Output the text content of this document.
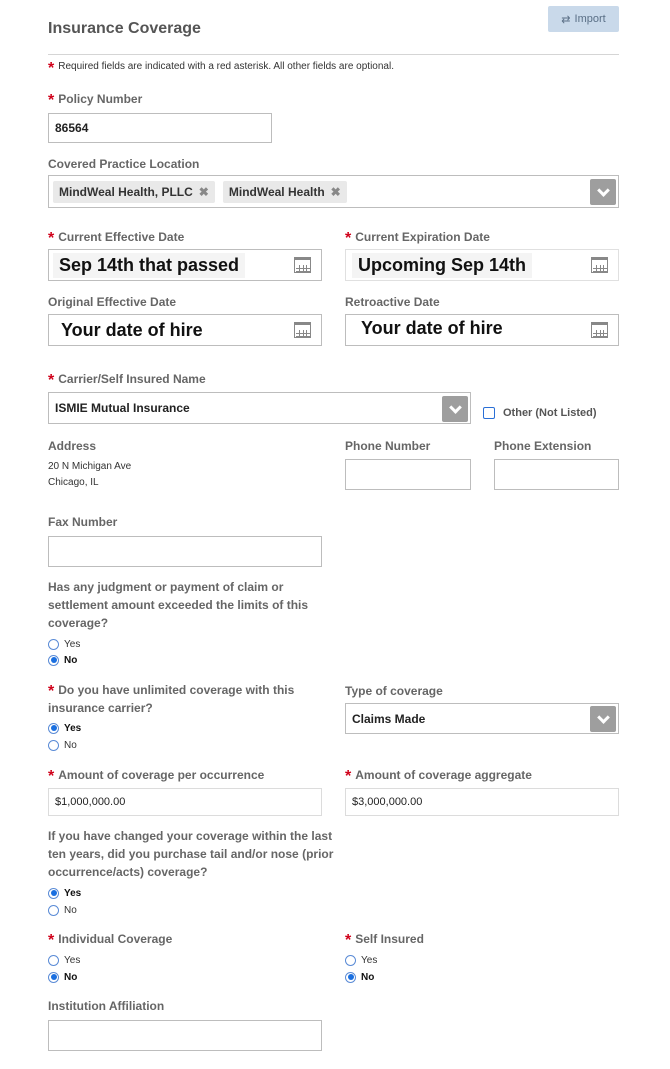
Insurance Coverage
⇄ Import
* Required fields are indicated with a red asterisk. All other fields are optional.
* Policy Number
86564
Covered Practice Location
MindWeal Health, PLLC ✖ MindWeal Health ✖
* Current Effective Date
Sep 14th that passed
* Current Expiration Date
Upcoming Sep 14th
Original Effective Date
Your date of hire
Retroactive Date
Your date of hire
* Carrier/Self Insured Name
ISMIE Mutual Insurance	Other (Not Listed)
Address
20 N Michigan Ave
Chicago, IL
Phone Number	Phone Extension
Fax Number
Has any judgment or payment of claim or
settlement amount exceeded the limits of this
coverage?
Yes
No
* Do you have unlimited coverage with this
insurance carrier?
Yes
No
Type of coverage
Claims Made
* Amount of coverage per occurrence
$1,000,000.00
* Amount of coverage aggregate
$3,000,000.00
If you have changed your coverage within the last
ten years, did you purchase tail and/or nose (prior
occurrence/acts) coverage?
Yes
No
* Individual Coverage
Yes
No
* Self Insured
Yes
No
Institution Affiliation
